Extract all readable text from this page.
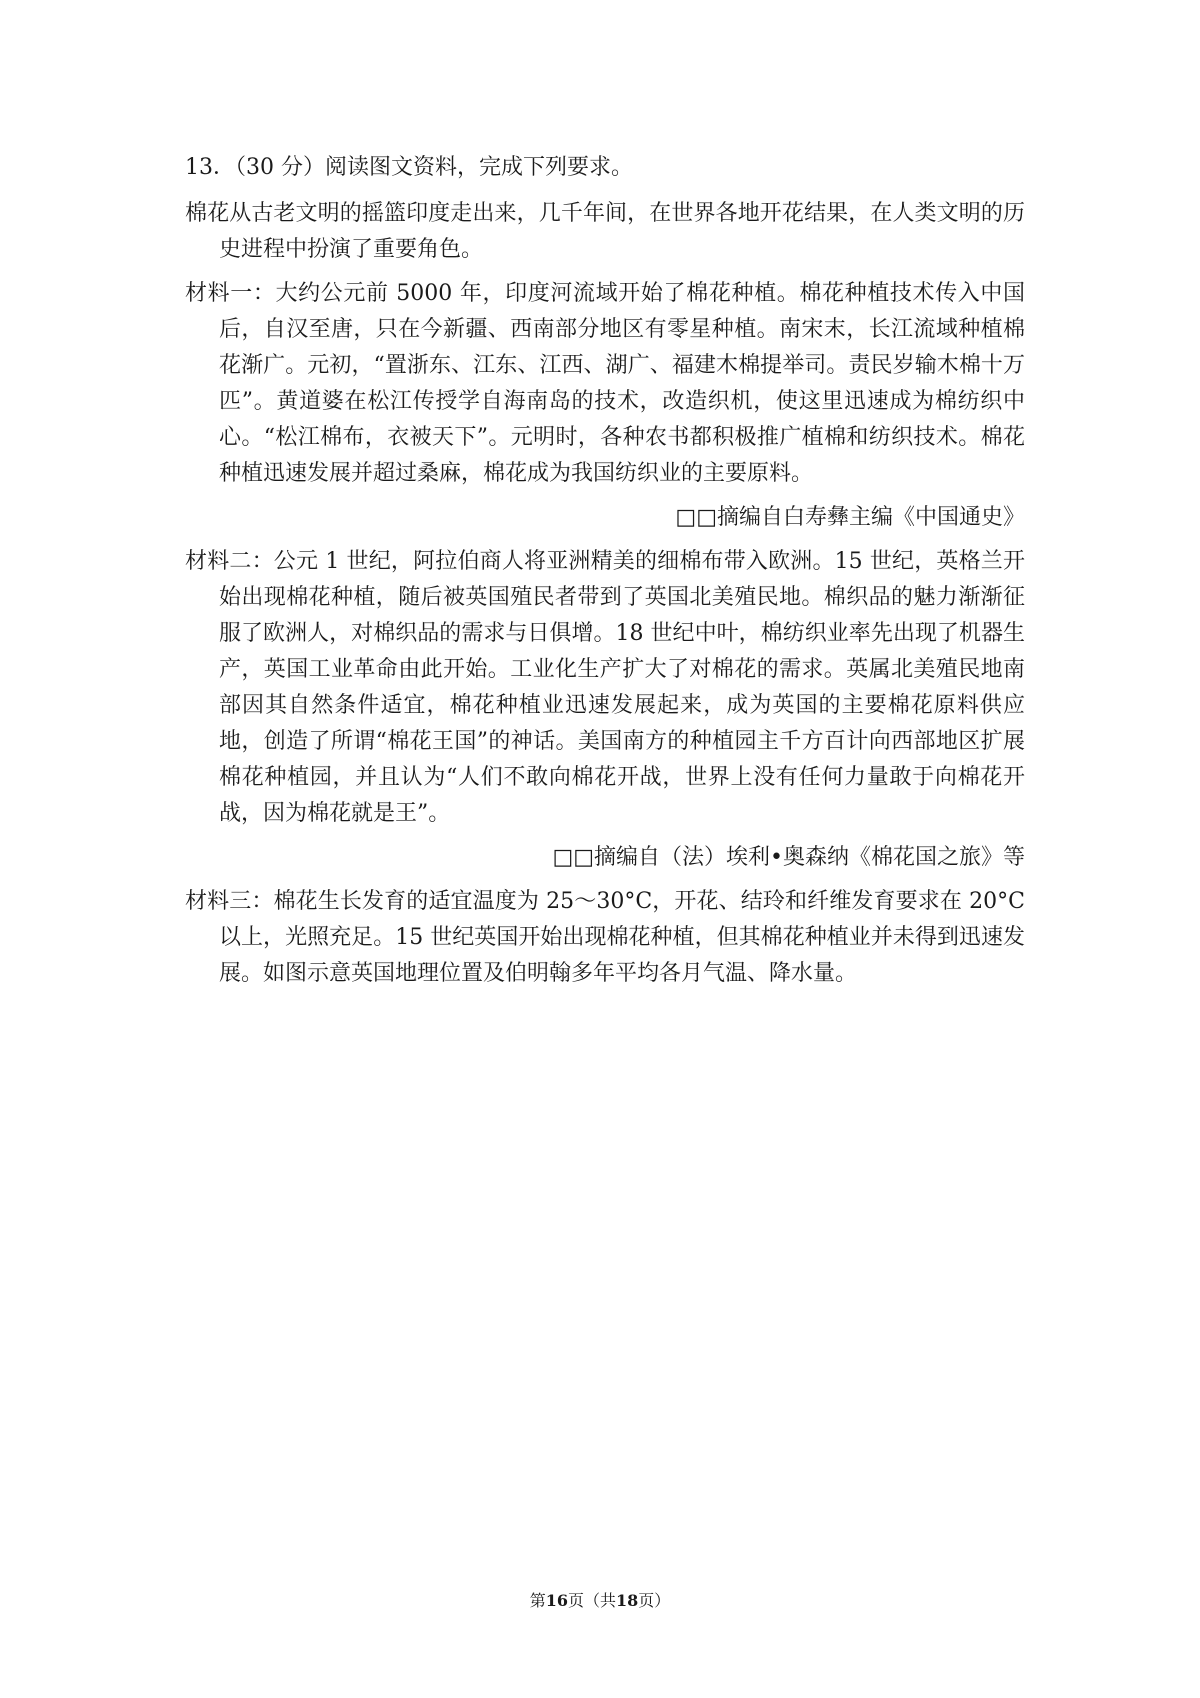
13．（30 分）阅读图文资料，完成下列要求。

棉花从古老文明的摇篮印度走出来，几千年间，在世界各地开花结果，在人类文明的历史进程中扮演了重要角色。

材料一：大约公元前 5000 年，印度河流域开始了棉花种植。棉花种植技术传入中国后，自汉至唐，只在今新疆、西南部分地区有零星种植。南宋末，长江流域种植棉花渐广。元初，“置浙东、江东、江西、湖广、福建木棉提举司。责民岁输木棉十万匹”。黄道婆在松江传授学自海南岛的技术，改造织机，使这里迅速成为棉纺织中心。“松江棉布，衣被天下”。元明时，各种农书都积极推广植棉和纺织技术。棉花种植迅速发展并超过桑麻，棉花成为我国纺织业的主要原料。

□□摘编自白寿彝主编《中国通史》

材料二：公元 1 世纪，阿拉伯商人将亚洲精美的细棉布带入欧洲。15 世纪，英格兰开始出现棉花种植，随后被英国殖民者带到了英国北美殖民地。棉织品的魅力渐渐征服了欧洲人，对棉织品的需求与日俱增。18 世纪中叶，棉纺织业率先出现了机器生产，英国工业革命由此开始。工业化生产扩大了对棉花的需求。英属北美殖民地南部因其自然条件适宜，棉花种植业迅速发展起来，成为英国的主要棉花原料供应地，创造了所谓“棉花王国”的神话。美国南方的种植园主千方百计向西部地区扩展棉花种植园，并且认为“人们不敢向棉花开战，世界上没有任何力量敢于向棉花开战，因为棉花就是王”。

□□摘编自（法）埃利•奥森纳《棉花国之旅》等

材料三：棉花生长发育的适宜温度为 25～30°C，开花、结玲和纤维发育要求在 20°C以上，光照充足。15 世纪英国开始出现棉花种植，但其棉花种植业并未得到迅速发展。如图示意英国地理位置及伯明翰多年平均各月气温、降水量。

第16页（共18页）
